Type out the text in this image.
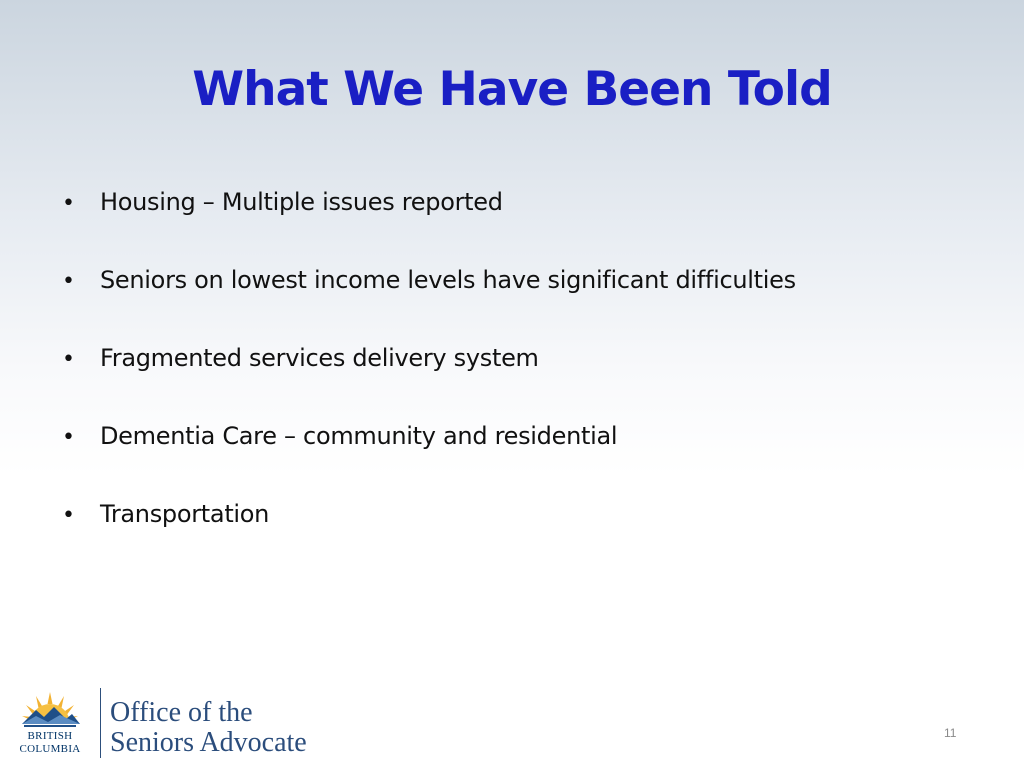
What We Have Been Told
•	Housing – Multiple issues reported
•	Seniors on lowest income levels have significant difficulties
•	Fragmented services delivery system
•	Dementia Care – community and residential
•	Transportation
BRITISH
COLUMBIA
Office of the
Seniors Advocate	11
